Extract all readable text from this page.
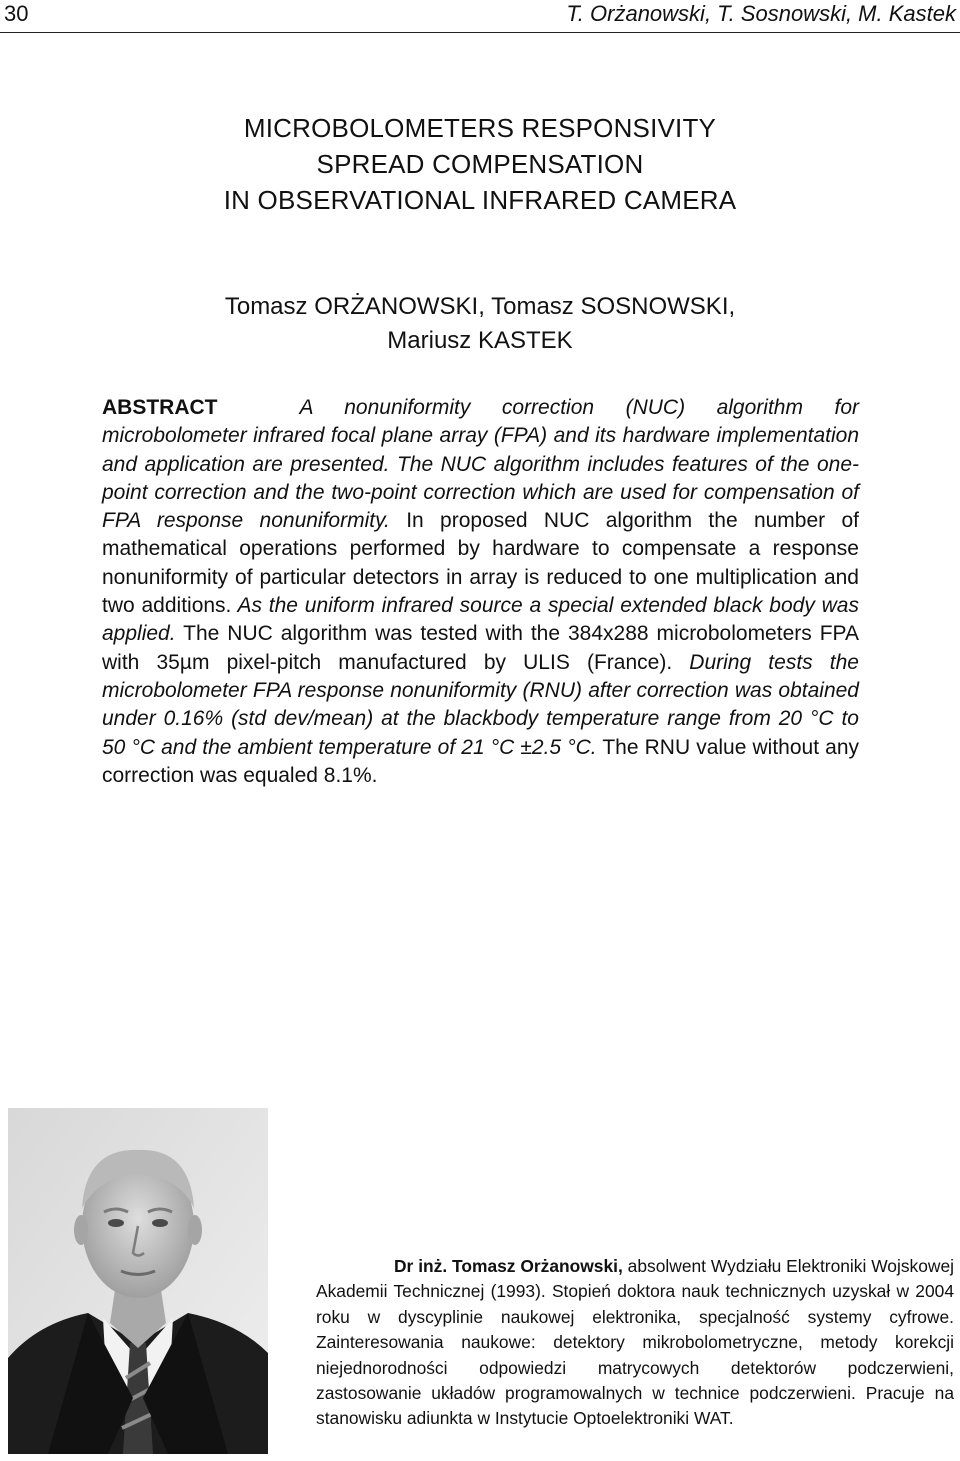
30	T. Orżanowski, T. Sosnowski, M. Kastek
MICROBOLOMETERS RESPONSIVITY
SPREAD COMPENSATION
IN OBSERVATIONAL INFRARED CAMERA
Tomasz ORŻANOWSKI, Tomasz SOSNOWSKI,
Mariusz KASTEK
ABSTRACT	A nonuniformity correction (NUC) algorithm for microbolometer infrared focal plane array (FPA) and its hardware implementation and application are presented. The NUC algorithm includes features of the one-point correction and the two-point correction which are used for compensation of FPA response nonuniformity. In proposed NUC algorithm the number of mathematical operations performed by hardware to compensate a response nonuniformity of particular detectors in array is reduced to one multiplication and two additions. As the uniform infrared source a special extended black body was applied. The NUC algorithm was tested with the 384x288 microbolometers FPA with 35µm pixel-pitch manufactured by ULIS (France). During tests the microbolometer FPA response nonuniformity (RNU) after correction was obtained under 0.16% (std dev/mean) at the blackbody temperature range from 20 °C to 50 °C and the ambient temperature of 21 °C ±2.5 °C. The RNU value without any correction was equaled 8.1%.
Dr inż. Tomasz Orżanowski, absolwent Wydziału Elektroniki Wojskowej Akademii Technicznej (1993). Stopień doktora nauk technicznych uzyskał w 2004 roku w dyscyplinie naukowej elektronika, specjalność systemy cyfrowe. Zainteresowania naukowe: detektory mikrobolometryczne, metody korekcji niejednorodności odpowiedzi matrycowych detektorów podczerwieni, zastosowanie układów programowalnych w technice podczerwieni. Pracuje na stanowisku adiunkta w Instytucie Optoelektroniki WAT.
